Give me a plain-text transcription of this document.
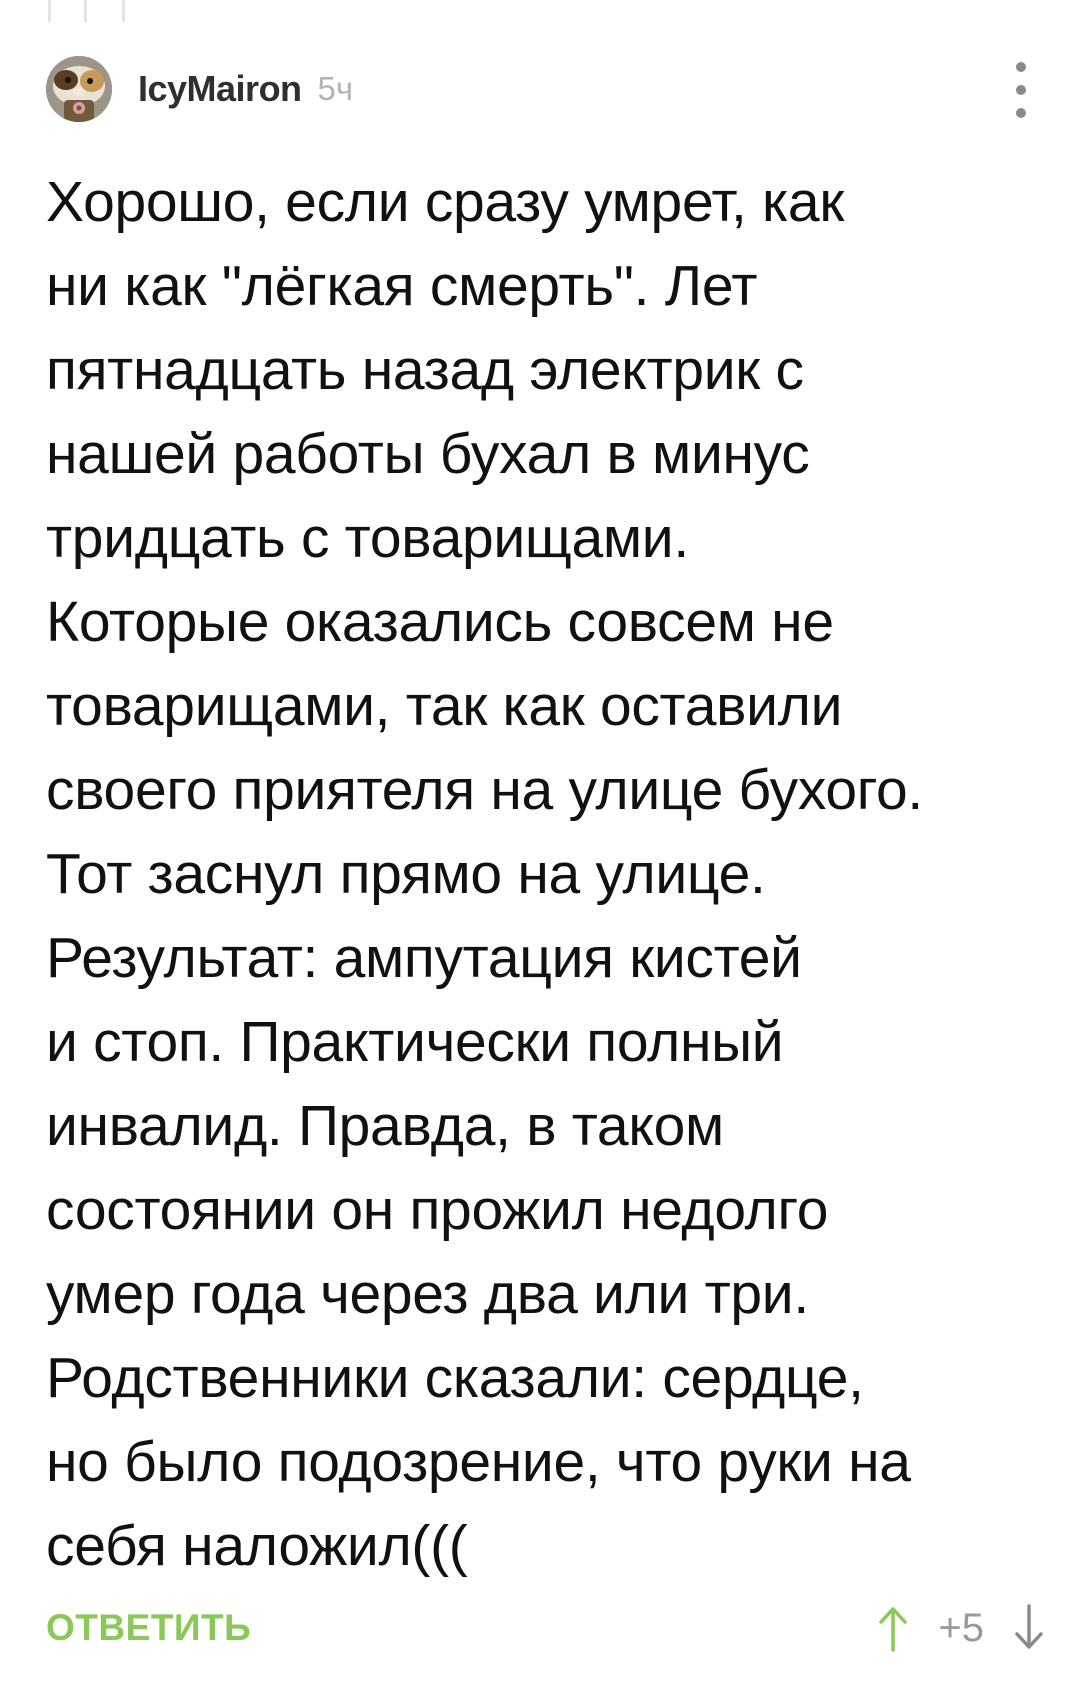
IcyMairon 5ч
Хорошо, если сразу умрет, как
ни как "лёгкая смерть". Лет
пятнадцать назад электрик с
нашей работы бухал в минус
тридцать с товарищами.
Которые оказались совсем не
товарищами, так как оставили
своего приятеля на улице бухого.
Тот заснул прямо на улице.
Результат: ампутация кистей
и стоп. Практически полный
инвалид. Правда, в таком
состоянии он прожил недолго
умер года через два или три.
Родственники сказали: сердце,
но было подозрение, что руки на
себя наложил(((
ОТВЕТИТЬ	+5
